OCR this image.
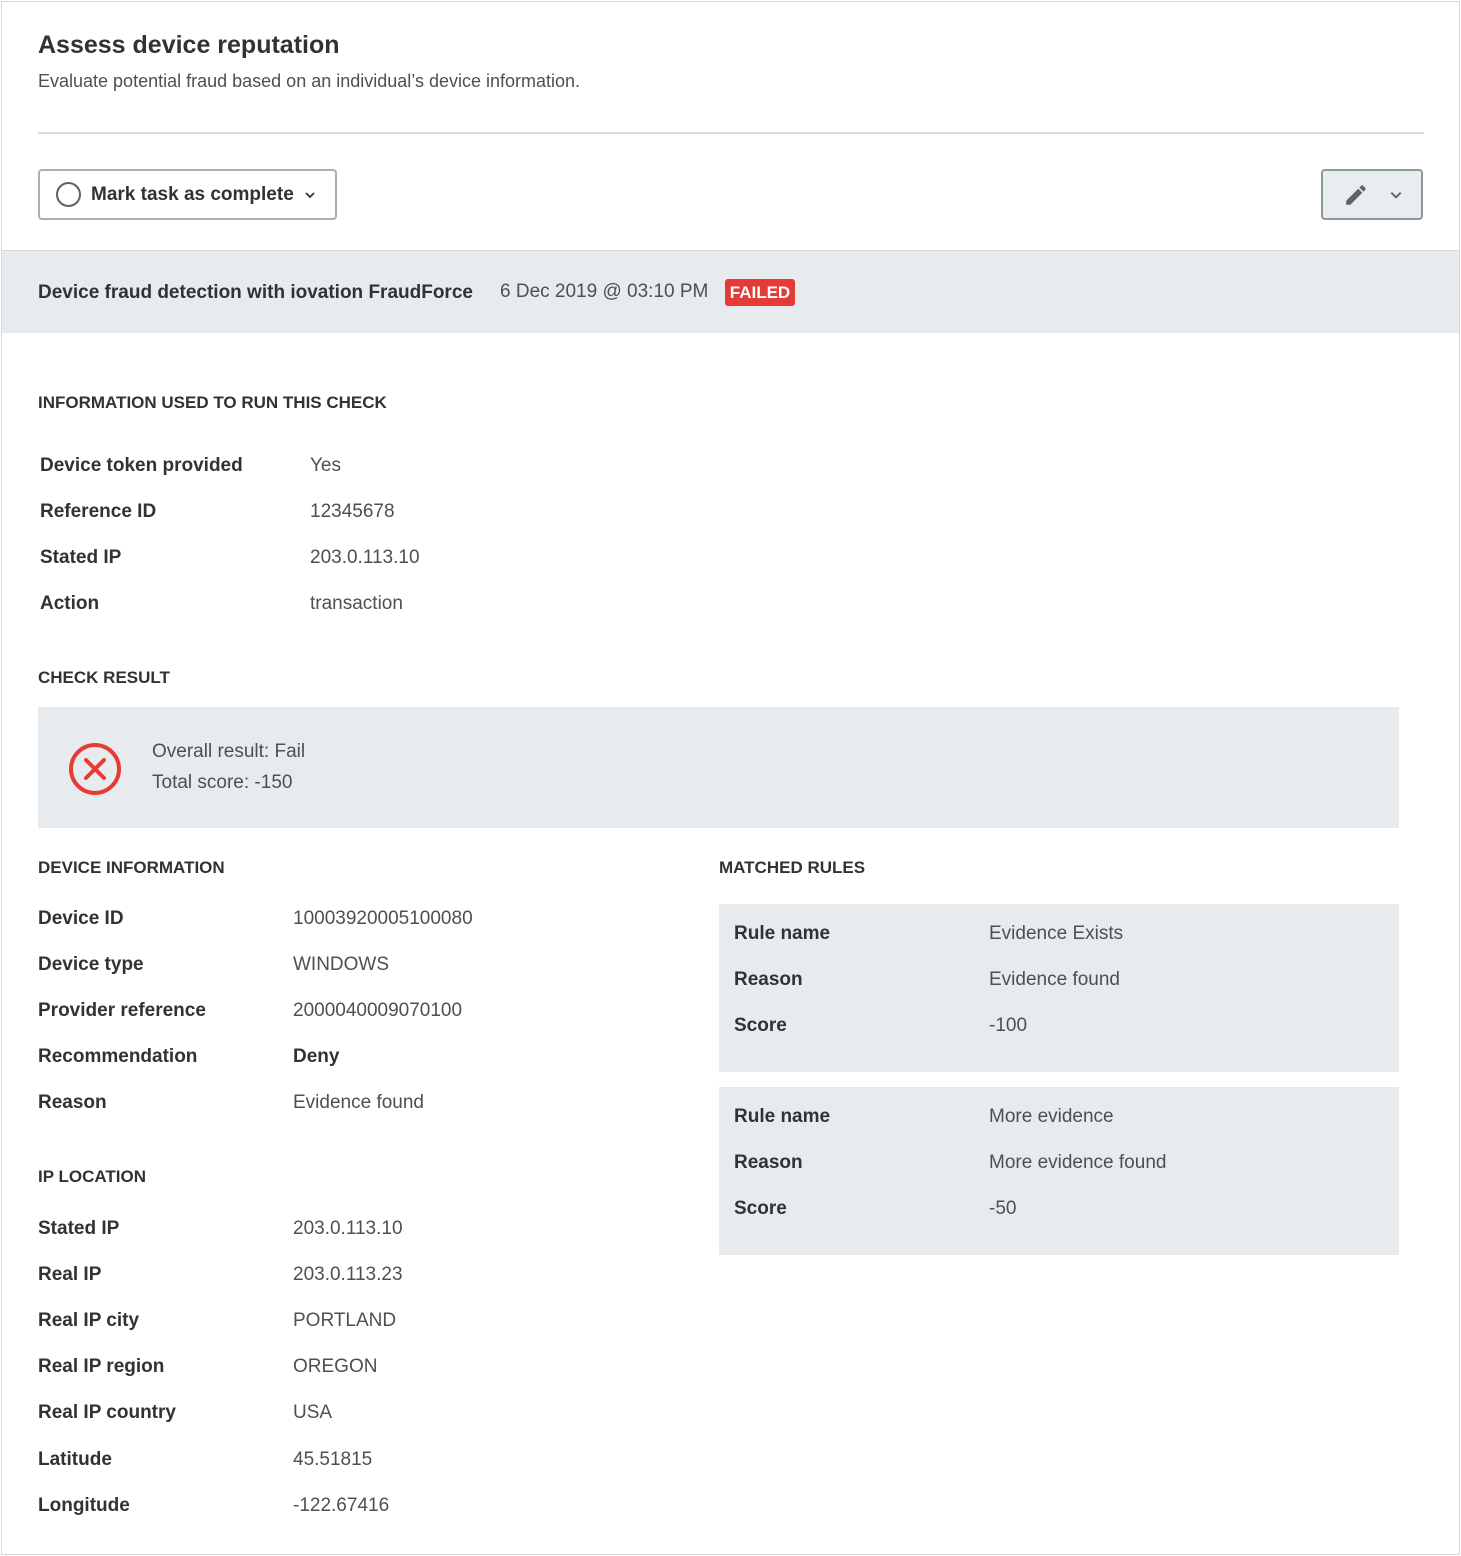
Assess device reputation
Evaluate potential fraud based on an individual’s device information.
Mark task as complete
Device fraud detection with iovation FraudForce 6 Dec 2019 @ 03:10 PM FAILED
INFORMATION USED TO RUN THIS CHECK
Device token provided	Yes
Reference ID	12345678
Stated IP	203.0.113.10
Action	transaction
CHECK RESULT
Overall result: Fail
Total score: -150
DEVICE INFORMATION
Device ID	10003920005100080
Device type	WINDOWS
Provider reference	2000040009070100
Recommendation	Deny
Reason	Evidence found
IP LOCATION
Stated IP	203.0.113.10
Real IP	203.0.113.23
Real IP city	PORTLAND
Real IP region	OREGON
Real IP country	USA
Latitude	45.51815
Longitude	-122.67416
MATCHED RULES
Rule name	Evidence Exists
Reason	Evidence found
Score	-100
Rule name	More evidence
Reason	More evidence found
Score	-50
